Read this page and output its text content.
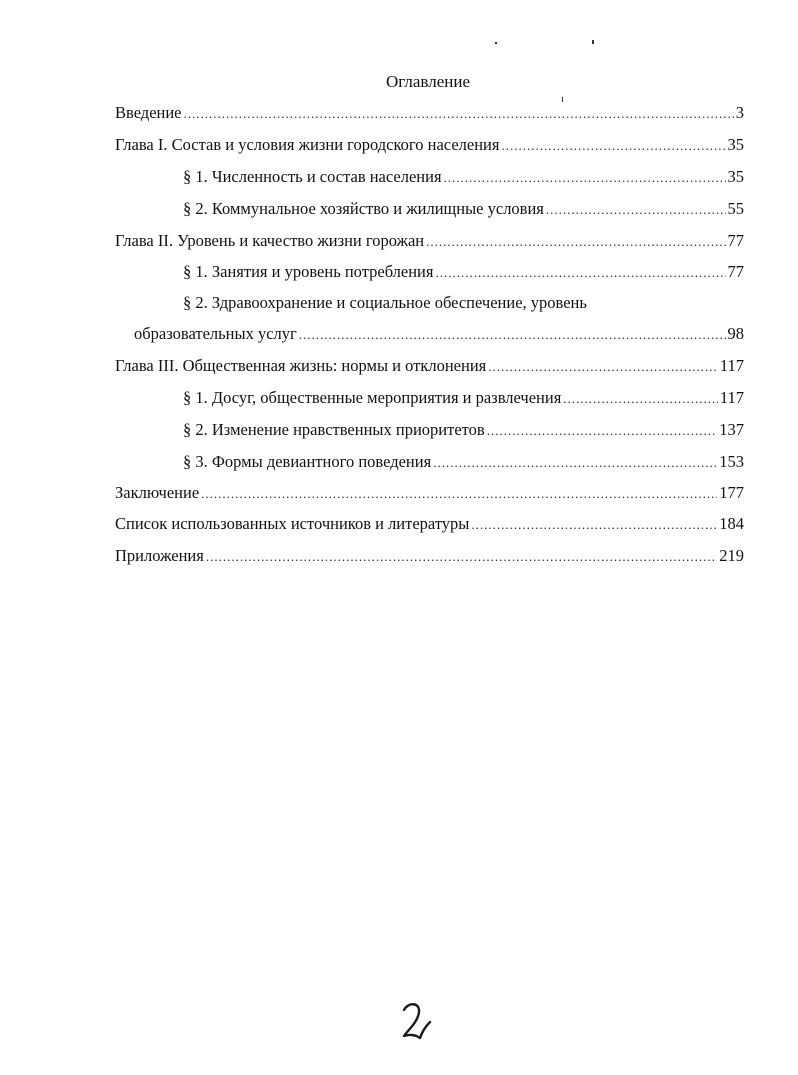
Оглавление
Введение .....	3
Глава I. Состав и условия жизни городского населения .....	35
§ 1. Численность и состав населения .....	35
§ 2. Коммунальное хозяйство и жилищные условия .....	55
Глава II. Уровень и качество жизни горожан .....	77
§ 1. Занятия и уровень потребления .....	77
§ 2. Здравоохранение и социальное обеспечение, уровень
образовательных услуг .....	98
Глава III. Общественная жизнь: нормы и отклонения .....	117
§ 1. Досуг, общественные мероприятия и развлечения .....	117
§ 2. Изменение нравственных приоритетов .....	137
§ 3. Формы девиантного поведения .....	153
Заключение .....	177
Список использованных источников и литературы .....	184
Приложения .....	219
